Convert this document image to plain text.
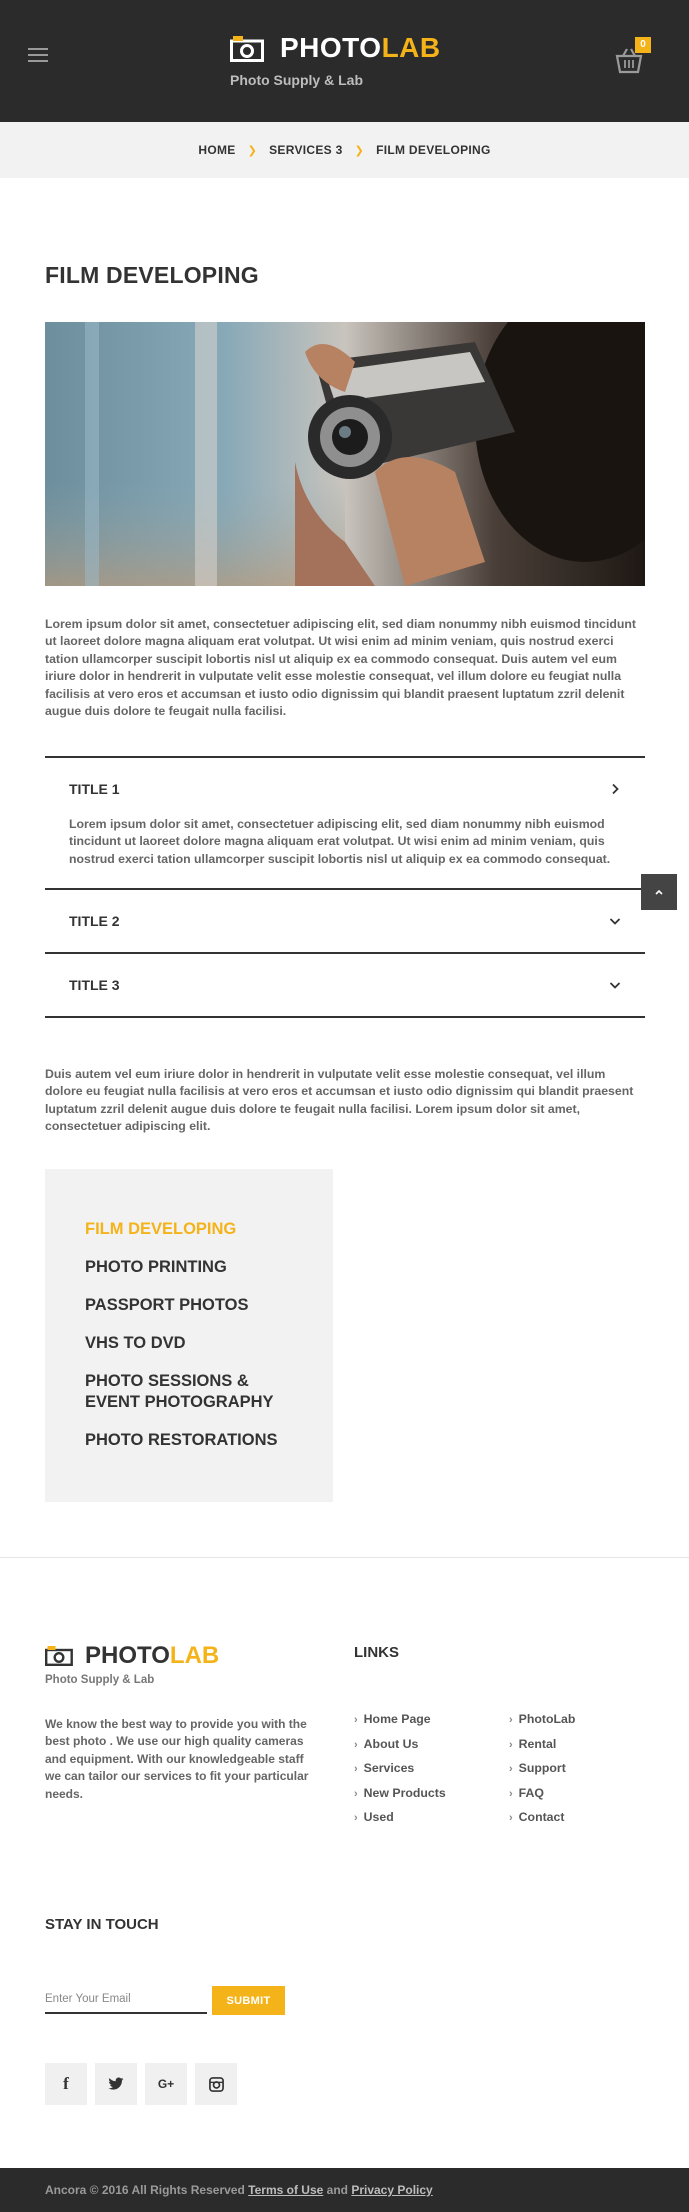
PHOTOLAB
Photo Supply & Lab
0
HOME ❯ SERVICES 3 ❯ FILM DEVELOPING
FILM DEVELOPING

Lorem ipsum dolor sit amet, consectetuer adipiscing elit, sed diam nonummy nibh euismod tincidunt ut laoreet dolore magna aliquam erat volutpat. Ut wisi enim ad minim veniam, quis nostrud exerci tation ullamcorper suscipit lobortis nisl ut aliquip ex ea commodo consequat. Duis autem vel eum iriure dolor in hendrerit in vulputate velit esse molestie consequat, vel illum dolore eu feugiat nulla facilisis at vero eros et accumsan et iusto odio dignissim qui blandit praesent luptatum zzril delenit augue duis dolore te feugait nulla facilisi.

TITLE 1
Lorem ipsum dolor sit amet, consectetuer adipiscing elit, sed diam nonummy nibh euismod tincidunt ut laoreet dolore magna aliquam erat volutpat. Ut wisi enim ad minim veniam, quis nostrud exerci tation ullamcorper suscipit lobortis nisl ut aliquip ex ea commodo consequat.
TITLE 2
TITLE 3

Duis autem vel eum iriure dolor in hendrerit in vulputate velit esse molestie consequat, vel illum dolore eu feugiat nulla facilisis at vero eros et accumsan et iusto odio dignissim qui blandit praesent luptatum zzril delenit augue duis dolore te feugait nulla facilisi. Lorem ipsum dolor sit amet, consectetuer adipiscing elit.

FILM DEVELOPING
PHOTO PRINTING
PASSPORT PHOTOS
VHS TO DVD
PHOTO SESSIONS & EVENT PHOTOGRAPHY
PHOTO RESTORATIONS
PHOTOLAB
Photo Supply & Lab

We know the best way to provide you with the best photo . We use our high quality cameras and equipment. With our knowledgeable staff we can tailor our services to fit your particular needs.

LINKS
› Home Page
› About Us
› Services
› New Products
› Used
› PhotoLab
› Rental
› Support
› FAQ
› Contact
STAY IN TOUCH
Enter Your Email
SUBMIT
f	G+
Ancora © 2016 All Rights Reserved Terms of Use and Privacy Policy
